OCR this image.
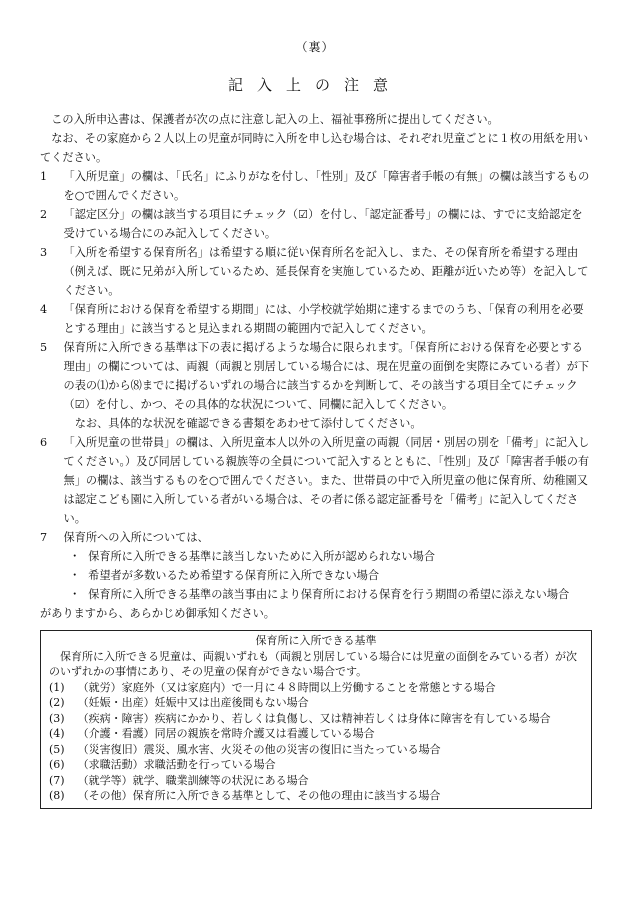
（裏）
記入上の注意

この入所申込書は、保護者が次の点に注意し記入の上、福祉事務所に提出してください。

なお、その家庭から２人以上の児童が同時に入所を申し込む場合は、それぞれ児童ごとに１枚の用紙を用いてください。

1 「入所児童」の欄は、「氏名」にふりがなを付し、「性別」及び「障害者手帳の有無」の欄は該当するものを○で囲んでください。

2 「認定区分」の欄は該当する項目にチェック（☑）を付し、「認定証番号」の欄には、すでに支給認定を受けている場合にのみ記入してください。

3 「入所を希望する保育所名」は希望する順に従い保育所名を記入し、また、その保育所を希望する理由（例えば、既に兄弟が入所しているため、延長保育を実施しているため、距離が近いため等）を記入してください。

4 「保育所における保育を希望する期間」には、小学校就学始期に達するまでのうち、「保育の利用を必要とする理由」に該当すると見込まれる期間の範囲内で記入してください。

5 保育所に入所できる基準は下の表に掲げるような場合に限られます。「保育所における保育を必要とする理由」の欄については、両親（両親と別居している場合には、現在児童の面倒を実際にみている者）が下の表の⑴から⑻までに掲げるいずれの場合に該当するかを判断して、その該当する項目全てにチェック（☑）を付し、かつ、その具体的な状況について、同欄に記入してください。

なお、具体的な状況を確認できる書類をあわせて添付してください。

6 「入所児童の世帯員」の欄は、入所児童本人以外の入所児童の両親（同居・別居の別を「備考」に記入してください。）及び同居している親族等の全員について記入するとともに、「性別」及び「障害者手帳の有無」の欄は、該当するものを○で囲んでください。また、世帯員の中で入所児童の他に保育所、幼稚園又は認定こども園に入所している者がいる場合は、その者に係る認定証番号を「備考」に記入してください。

7 保育所への入所については、

・ 保育所に入所できる基準に該当しないために入所が認められない場合
・ 希望者が多数いるため希望する保育所に入所できない場合
・ 保育所に入所できる基準の該当事由により保育所における保育を行う期間の希望に添えない場合

がありますから、あらかじめ御承知ください。

保育所に入所できる基準

保育所に入所できる児童は、両親いずれも（両親と別居している場合には児童の面倒をみている者）が次のいずれかの事情にあり、その児童の保育ができない場合です。

(1) （就労）家庭外（又は家庭内）で一月に４８時間以上労働することを常態とする場合
(2) （妊娠・出産）妊娠中又は出産後間もない場合
(3) （疾病・障害）疾病にかかり、若しくは負傷し、又は精神若しくは身体に障害を有している場合
(4) （介護・看護）同居の親族を常時介護又は看護している場合
(5) （災害復旧）震災、風水害、火災その他の災害の復旧に当たっている場合
(6) （求職活動）求職活動を行っている場合
(7) （就学等）就学、職業訓練等の状況にある場合
(8) （その他）保育所に入所できる基準として、その他の理由に該当する場合
